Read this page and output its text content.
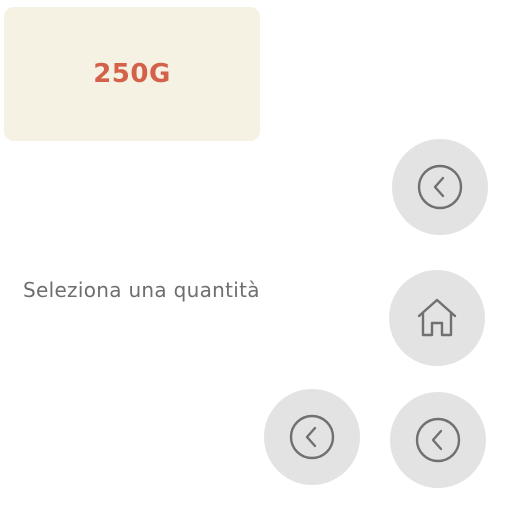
250G
Seleziona una quantità
